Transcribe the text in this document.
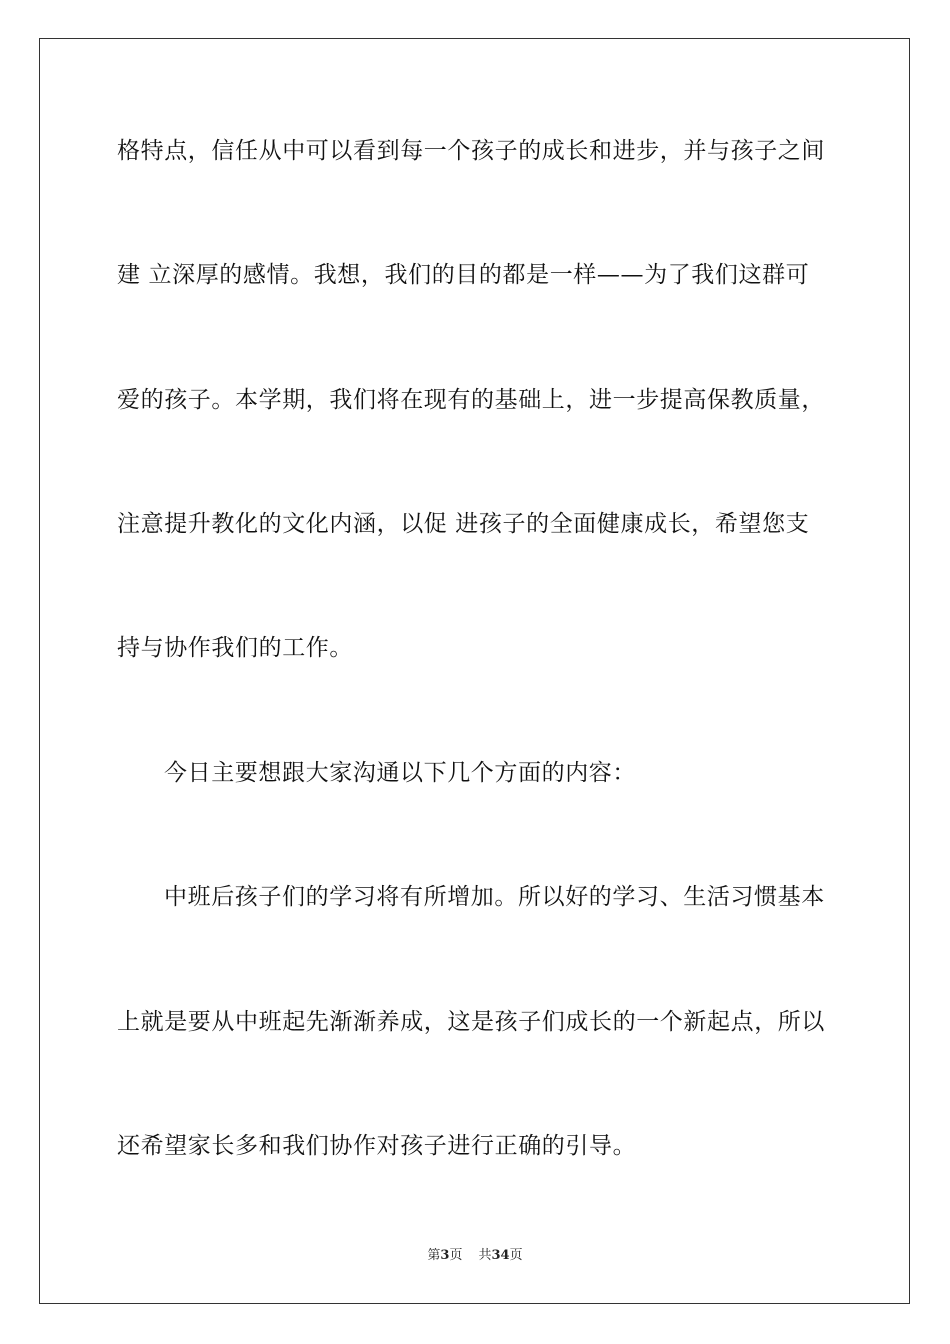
格特点，信任从中可以看到每一个孩子的成长和进步，并与孩子之间
建 立深厚的感情。我想，我们的目的都是一样——为了我们这群可
爱的孩子。本学期，我们将在现有的基础上，进一步提高保教质量，
注意提升教化的文化内涵，以促 进孩子的全面健康成长，希望您支
持与协作我们的工作。
今日主要想跟大家沟通以下几个方面的内容：
中班后孩子们的学习将有所增加。所以好的学习、生活习惯基本
上就是要从中班起先渐渐养成，这是孩子们成长的一个新起点，所以
还希望家长多和我们协作对孩子进行正确的引导。
第3页 共34页
